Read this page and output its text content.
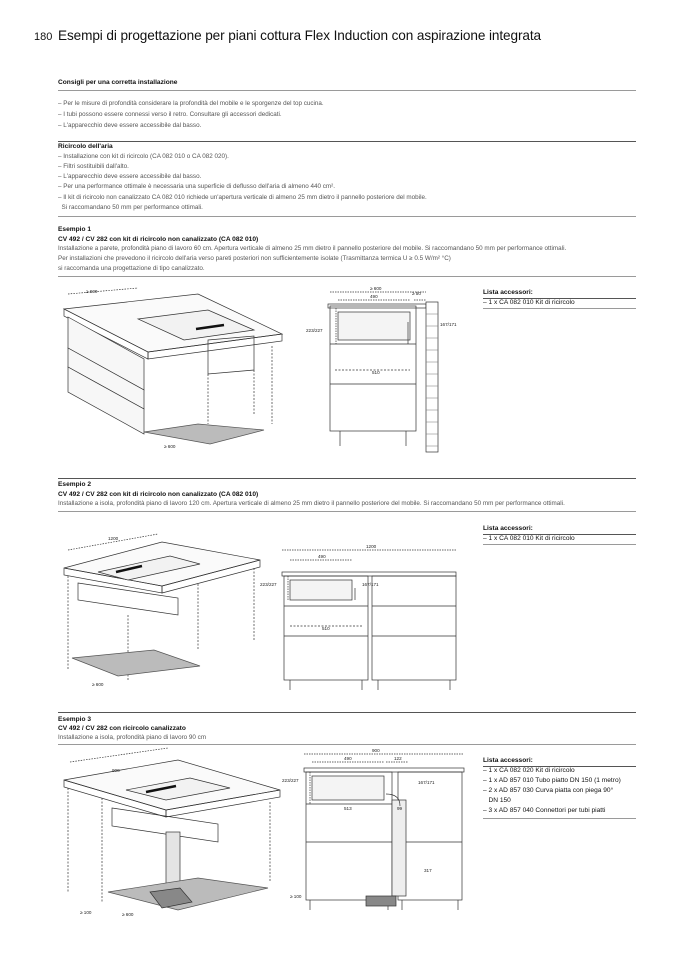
180 Esempi di progettazione per piani cottura Flex Induction con aspirazione integrata
Consigli per una corretta installazione
– Per le misure di profondità considerare la profondità del mobile e le sporgenze del top cucina.
– I tubi possono essere connessi verso il retro. Consultare gli accessori dedicati.
– L'apparecchio deve essere accessibile dal basso.
Ricircolo dell'aria
– Installazione con kit di ricircolo (CA 082 010 o CA 082 020).
– Filtri sostituibili dall'alto.
– L'apparecchio deve essere accessibile dal basso.
– Per una performance ottimale è necessaria una superficie di deflusso dell'aria di almeno 440 cm².
– Il kit di ricircolo non canalizzato CA 082 010 richiede un'apertura verticale di almeno 25 mm dietro il pannello posteriore del mobile.
Si raccomandano 50 mm per performance ottimali.
Esempio 1
CV 492 / CV 282 con kit di ricircolo non canalizzato (CA 082 010)
Installazione a parete, profondità piano di lavoro 60 cm. Apertura verticale di almeno 25 mm dietro il pannello posteriore del mobile. Si raccomandano 50 mm per performance ottimali.
Per installazioni che prevedono il ricircolo dell'aria verso pareti posteriori non sufficientemente isolate (Trasmittanza termica U ≥ 0.5 W/m² °C)
si raccomanda una progettazione di tipo canalizzato.
≥ 600
≥ 600
≥ 600
490
≥ 50
223/227
510
167/171
Lista accessori:
– 1 x CA 082 010 Kit di ricircolo
Esempio 2
CV 492 / CV 282 con kit di ricircolo non canalizzato (CA 082 010)
Installazione a isola, profondità piano di lavoro 120 cm. Apertura verticale di almeno 25 mm dietro il pannello posteriore del mobile. Si raccomandano 50 mm per performance ottimali.
1200
≥ 600
1200
490
223/227
510
167/171
Lista accessori:
– 1 x CA 082 010 Kit di ricircolo
Esempio 3
CV 492 / CV 282 con ricircolo canalizzato
Installazione a isola, profondità piano di lavoro 90 cm
900
≥ 100	≥ 600
900
490	122
223/227
513	99
167/171
317
≥ 100
Lista accessori:
– 1 x CA 082 020 Kit di ricircolo
– 1 x AD 857 010 Tubo piatto DN 150 (1 metro)
– 2 x AD 857 030 Curva piatta con piega 90°
DN 150
– 3 x AD 857 040 Connettori per tubi piatti
